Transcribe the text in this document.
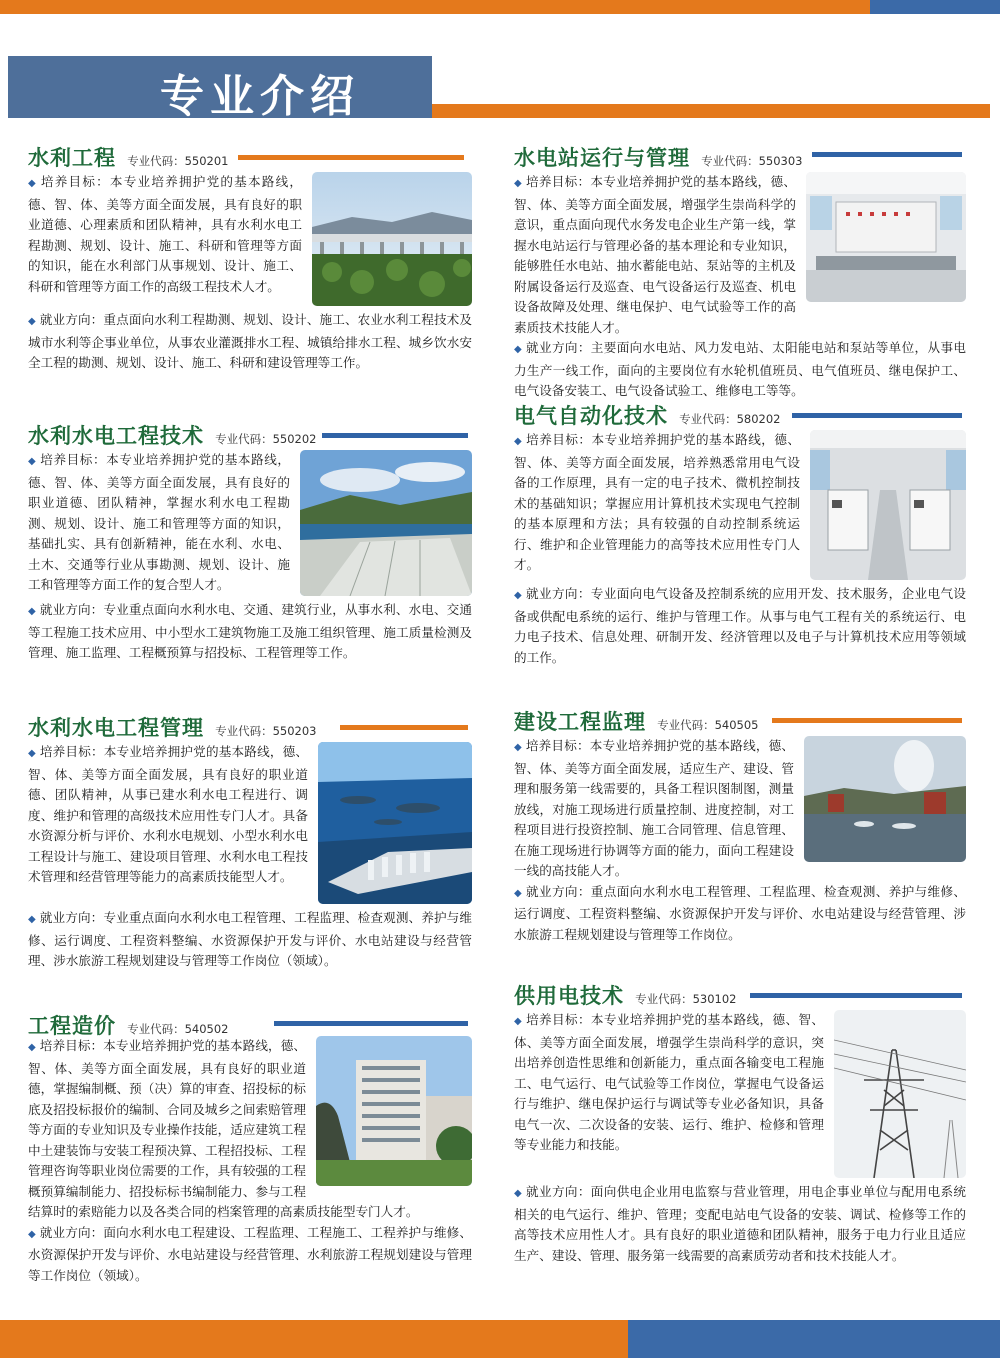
专业介绍
水利工程 专业代码：550201

◆ 培养目标：本专业培养拥护党的基本路线，德、智、体、美等方面全面发展，具有良好的职业道德、心理素质和团队精神，具有水利水电工程勘测、规划、设计、施工、科研和管理等方面的知识，能在水利部门从事规划、设计、施工、科研和管理等方面工作的高级工程技术人才。

◆ 就业方向：重点面向水利工程勘测、规划、设计、施工、农业水利工程技术及城市水利等企事业单位，从事农业灌溉排水工程、城镇给排水工程、城乡饮水安全工程的勘测、规划、设计、施工、科研和建设管理等工作。

水利水电工程技术 专业代码：550202

◆ 培养目标：本专业培养拥护党的基本路线，德、智、体、美等方面全面发展，具有良好的职业道德、团队精神，掌握水利水电工程勘测、规划、设计、施工和管理等方面的知识，基础扎实、具有创新精神，能在水利、水电、土木、交通等行业从事勘测、规划、设计、施工和管理等方面工作的复合型人才。

◆ 就业方向：专业重点面向水利水电、交通、建筑行业，从事水利、水电、交通等工程施工技术应用、中小型水工建筑物施工及施工组织管理、施工质量检测及管理、施工监理、工程概预算与招投标、工程管理等工作。

水利水电工程管理 专业代码：550203

◆ 培养目标：本专业培养拥护党的基本路线，德、智、体、美等方面全面发展，具有良好的职业道德、团队精神，从事已建水利水电工程进行、调度、维护和管理的高级技术应用性专门人才。具备水资源分析与评价、水利水电规划、小型水利水电工程设计与施工、建设项目管理、水利水电工程技术管理和经营管理等能力的高素质技能型人才。

◆ 就业方向：专业重点面向水利水电工程管理、工程监理、检查观测、养护与维修、运行调度、工程资料整编、水资源保护开发与评价、水电站建设与经营管理、涉水旅游工程规划建设与管理等工作岗位（领域）。

工程造价 专业代码：540502

◆ 培养目标：本专业培养拥护党的基本路线，德、智、体、美等方面全面发展，具有良好的职业道德，掌握编制概、预（决）算的审查、招投标的标底及招投标报价的编制、合同及城乡之间索赔管理等方面的专业知识及专业操作技能，适应建筑工程中土建装饰与安装工程预决算、工程招投标、工程管理咨询等职业岗位需要的工作，具有较强的工程概预算编制能力、招投标标书编制能力、参与工程结算时的索赔能力以及各类合同的档案管理的高素质技能型专门人才。

◆ 就业方向：面向水利水电工程建设、工程监理、工程施工、工程养护与维修、水资源保护开发与评价、水电站建设与经营管理、水利旅游工程规划建设与管理等工作岗位（领域）。

水电站运行与管理 专业代码：550303

◆ 培养目标：本专业培养拥护党的基本路线，德、智、体、美等方面全面发展，增强学生崇尚科学的意识，重点面向现代水务发电企业生产第一线，掌握水电站运行与管理必备的基本理论和专业知识，能够胜任水电站、抽水蓄能电站、泵站等的主机及附属设备运行及巡查、电气设备运行及巡查、机电设备故障及处理、继电保护、电气试验等工作的高素质技术技能人才。

◆ 就业方向：主要面向水电站、风力发电站、太阳能电站和泵站等单位，从事电力生产一线工作，面向的主要岗位有水轮机值班员、电气值班员、继电保护工、电气设备安装工、电气设备试验工、维修电工等等。

电气自动化技术 专业代码：580202

◆ 培养目标：本专业培养拥护党的基本路线，德、智、体、美等方面全面发展，培养熟悉常用电气设备的工作原理，具有一定的电子技术、微机控制技术的基础知识；掌握应用计算机技术实现电气控制的基本原理和方法；具有较强的自动控制系统运行、维护和企业管理能力的高等技术应用性专门人才。

◆ 就业方向：专业面向电气设备及控制系统的应用开发、技术服务，企业电气设备或供配电系统的运行、维护与管理工作。从事与电气工程有关的系统运行、电力电子技术、信息处理、研制开发、经济管理以及电子与计算机技术应用等领域的工作。

建设工程监理 专业代码：540505

◆ 培养目标：本专业培养拥护党的基本路线，德、智、体、美等方面全面发展，适应生产、建设、管理和服务第一线需要的，具备工程识图制图，测量放线，对施工现场进行质量控制、进度控制，对工程项目进行投资控制、施工合同管理、信息管理、在施工现场进行协调等方面的能力，面向工程建设一线的高技能人才。

◆ 就业方向：重点面向水利水电工程管理、工程监理、检查观测、养护与维修、运行调度、工程资料整编、水资源保护开发与评价、水电站建设与经营管理、涉水旅游工程规划建设与管理等工作岗位。

供用电技术 专业代码：530102

◆ 培养目标：本专业培养拥护党的基本路线，德、智、体、美等方面全面发展，增强学生崇尚科学的意识，突出培养创造性思维和创新能力，重点面各输变电工程施工、电气运行、电气试验等工作岗位，掌握电气设备运行与维护、继电保护运行与调试等专业必备知识，具备电气一次、二次设备的安装、运行、维护、检修和管理等专业能力和技能。

◆ 就业方向：面向供电企业用电监察与营业管理，用电企事业单位与配用电系统相关的电气运行、维护、管理；变配电站电气设备的安装、调试、检修等工作的高等技术应用性人才。具有良好的职业道德和团队精神，服务于电力行业且适应生产、建设、管理、服务第一线需要的高素质劳动者和技术技能人才。
